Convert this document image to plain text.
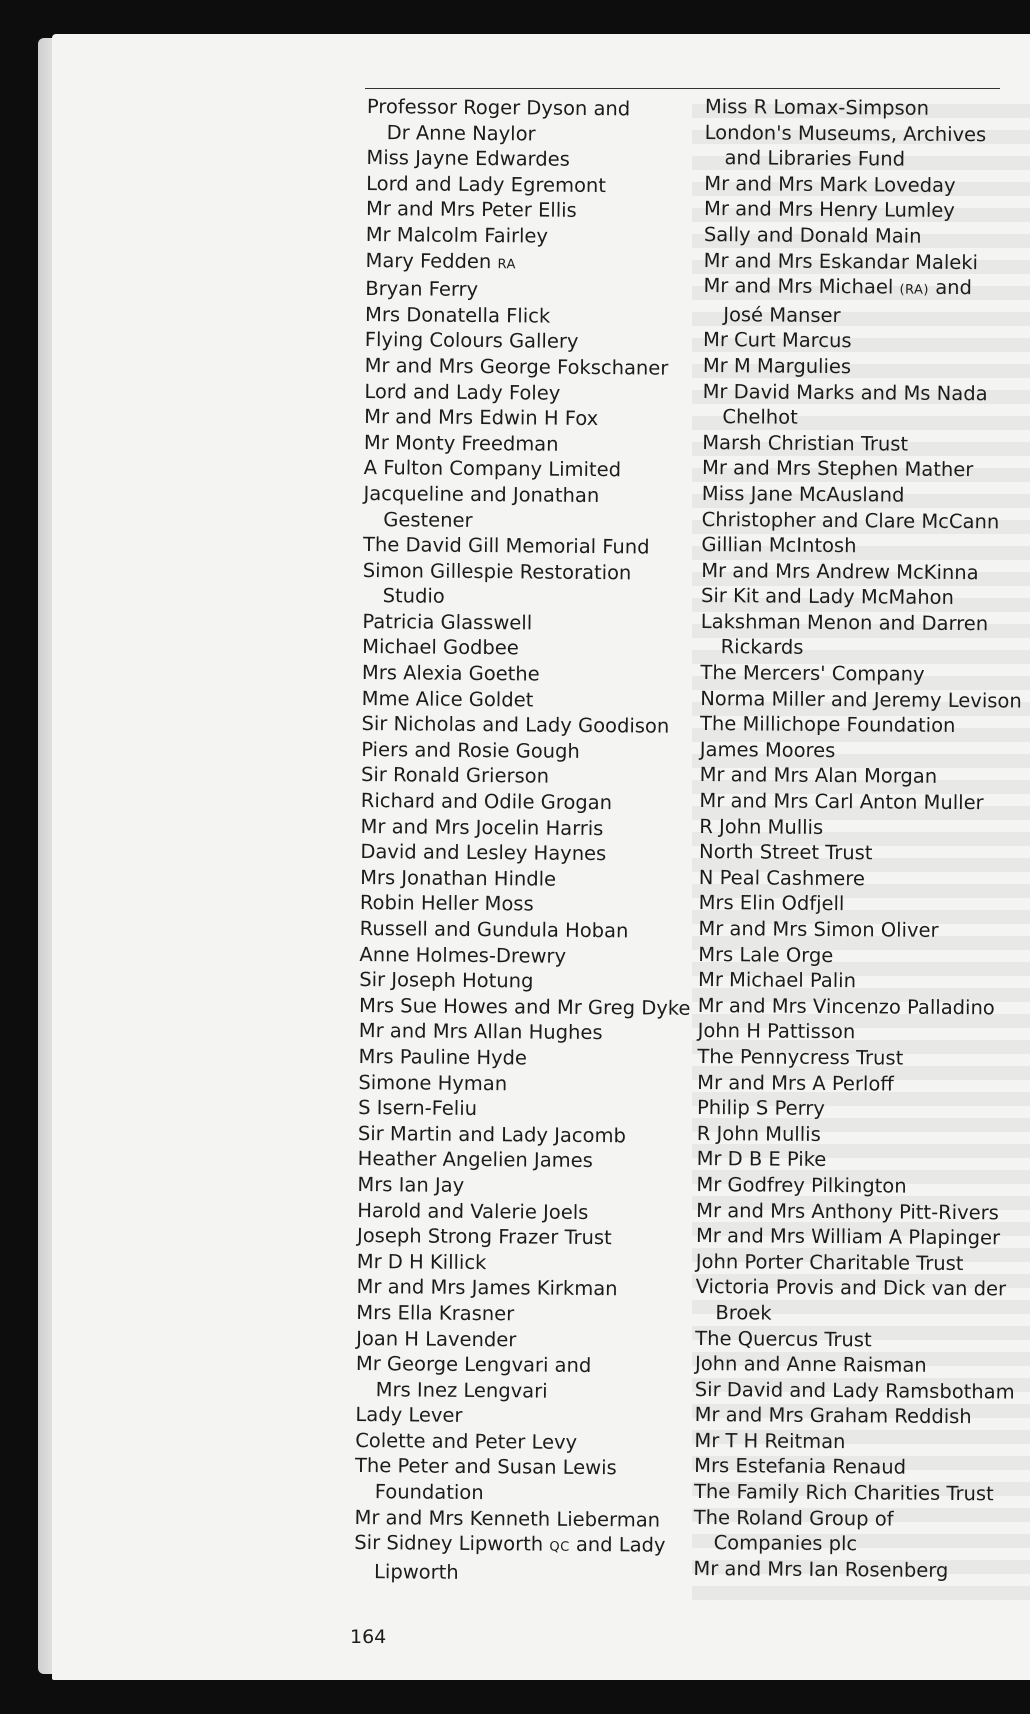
Professor Roger Dyson and
Dr Anne Naylor
Miss Jayne Edwardes
Lord and Lady Egremont
Mr and Mrs Peter Ellis
Mr Malcolm Fairley
Mary Fedden RA
Bryan Ferry
Mrs Donatella Flick
Flying Colours Gallery
Mr and Mrs George Fokschaner
Lord and Lady Foley
Mr and Mrs Edwin H Fox
Mr Monty Freedman
A Fulton Company Limited
Jacqueline and Jonathan
Gestener
The David Gill Memorial Fund
Simon Gillespie Restoration
Studio
Patricia Glasswell
Michael Godbee
Mrs Alexia Goethe
Mme Alice Goldet
Sir Nicholas and Lady Goodison
Piers and Rosie Gough
Sir Ronald Grierson
Richard and Odile Grogan
Mr and Mrs Jocelin Harris
David and Lesley Haynes
Mrs Jonathan Hindle
Robin Heller Moss
Russell and Gundula Hoban
Anne Holmes-Drewry
Sir Joseph Hotung
Mrs Sue Howes and Mr Greg Dyke
Mr and Mrs Allan Hughes
Mrs Pauline Hyde
Simone Hyman
S Isern-Feliu
Sir Martin and Lady Jacomb
Heather Angelien James
Mrs Ian Jay
Harold and Valerie Joels
Joseph Strong Frazer Trust
Mr D H Killick
Mr and Mrs James Kirkman
Mrs Ella Krasner
Joan H Lavender
Mr George Lengvari and
Mrs Inez Lengvari
Lady Lever
Colette and Peter Levy
The Peter and Susan Lewis
Foundation
Mr and Mrs Kenneth Lieberman
Sir Sidney Lipworth QC and Lady
Lipworth
Miss R Lomax-Simpson
London's Museums, Archives
and Libraries Fund
Mr and Mrs Mark Loveday
Mr and Mrs Henry Lumley
Sally and Donald Main
Mr and Mrs Eskandar Maleki
Mr and Mrs Michael (RA) and
José Manser
Mr Curt Marcus
Mr M Margulies
Mr David Marks and Ms Nada
Chelhot
Marsh Christian Trust
Mr and Mrs Stephen Mather
Miss Jane McAusland
Christopher and Clare McCann
Gillian McIntosh
Mr and Mrs Andrew McKinna
Sir Kit and Lady McMahon
Lakshman Menon and Darren
Rickards
The Mercers' Company
Norma Miller and Jeremy Levison
The Millichope Foundation
James Moores
Mr and Mrs Alan Morgan
Mr and Mrs Carl Anton Muller
R John Mullis
North Street Trust
N Peal Cashmere
Mrs Elin Odfjell
Mr and Mrs Simon Oliver
Mrs Lale Orge
Mr Michael Palin
Mr and Mrs Vincenzo Palladino
John H Pattisson
The Pennycress Trust
Mr and Mrs A Perloff
Philip S Perry
R John Mullis
Mr D B E Pike
Mr Godfrey Pilkington
Mr and Mrs Anthony Pitt-Rivers
Mr and Mrs William A Plapinger
John Porter Charitable Trust
Victoria Provis and Dick van der
Broek
The Quercus Trust
John and Anne Raisman
Sir David and Lady Ramsbotham
Mr and Mrs Graham Reddish
Mr T H Reitman
Mrs Estefania Renaud
The Family Rich Charities Trust
The Roland Group of
Companies plc
Mr and Mrs Ian Rosenberg
164
